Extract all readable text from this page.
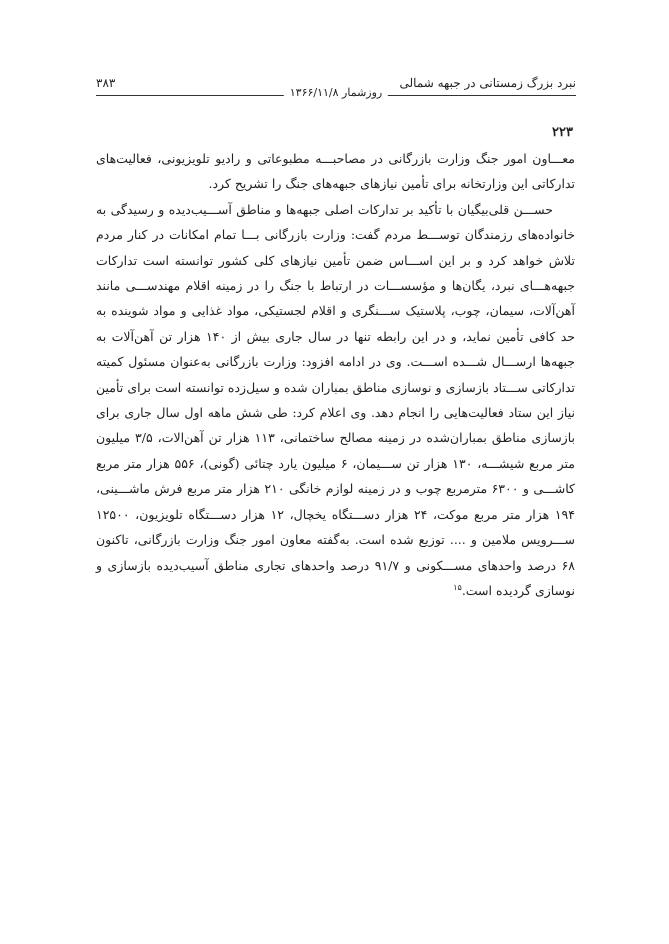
نبرد بزرگ زمستانی در جبهه شمالی
۳۸۳
روزشمار ۱۳۶۶/۱۱/۸
۲۲۳

معـــاون امور جنگ وزارت بازرگانی در مصاحبـــه مطبوعاتی و رادیو تلویزیونی، فعالیت‌های تدارکاتی این وزارتخانه برای تأمین نیازهای جبهه‌های جنگ را تشریح کرد.

حســـن قلی‌بیگیان با تأکید بر تدارکات اصلی جبهه‌ها و مناطق آســـیب‌دیده و رسیدگی به خانواده‌های رزمندگان توســـط مردم گفت: وزارت بازرگانی بـــا تمام امکانات در کنار مردم تلاش خواهد کرد و بر این اســـاس ضمن تأمین نیازهای کلی کشور توانسته است تدارکات جبهه‌هـــای نبرد، یگان‌ها و مؤسســـات در ارتباط با جنگ را در زمینه اقلام مهندســـی مانند آهن‌آلات، سیمان، چوب، پلاستیک ســـنگری و اقلام لجستیکی، مواد غذایی و مواد شوینده به حد کافی تأمین نماید، و در این رابطه تنها در سال جاری بیش از ۱۴۰ هزار تن آهن‌آلات به جبهه‌ها ارســـال شـــده اســـت. وی در ادامه افزود: وزارت بازرگانی به‌عنوان مسئول کمیته تدارکاتی ســـتاد بازسازی و نوسازی مناطق بمباران شده و سیل‌زده توانسته است برای تأمین نیاز این ستاد فعالیت‌هایی را انجام دهد. وی اعلام کرد: طی شش ماهه اول سال جاری برای بازسازی مناطق بمباران‌شده در زمینه مصالح ساختمانی، ۱۱۳ هزار تن آهن‌الات، ۳/۵ میلیون متر مربع شیشـــه، ۱۳۰ هزار تن ســـیمان، ۶ میلیون یارد چتائی (گونی)، ۵۵۶ هزار متر مربع کاشـــی و ۶۳۰۰ مترمربع چوب و در زمینه لوازم خانگی ۲۱۰ هزار متر مربع فرش ماشـــینی، ۱۹۴ هزار متر مربع موکت، ۲۴ هزار دســـتگاه یخچال، ۱۲ هزار دســـتگاه تلویزیون، ۱۲۵۰۰ ســـرویس ملامین و .... توزیع شده است. به‌گفته معاون امور جنگ وزارت بازرگانی، تاکنون ۶۸ درصد واحدهای مســـکونی و ۹۱/۷ درصد واحدهای تجاری مناطق آسیب‌دیده بازسازی و نوسازی گردیده است.$^{۱۵}$
